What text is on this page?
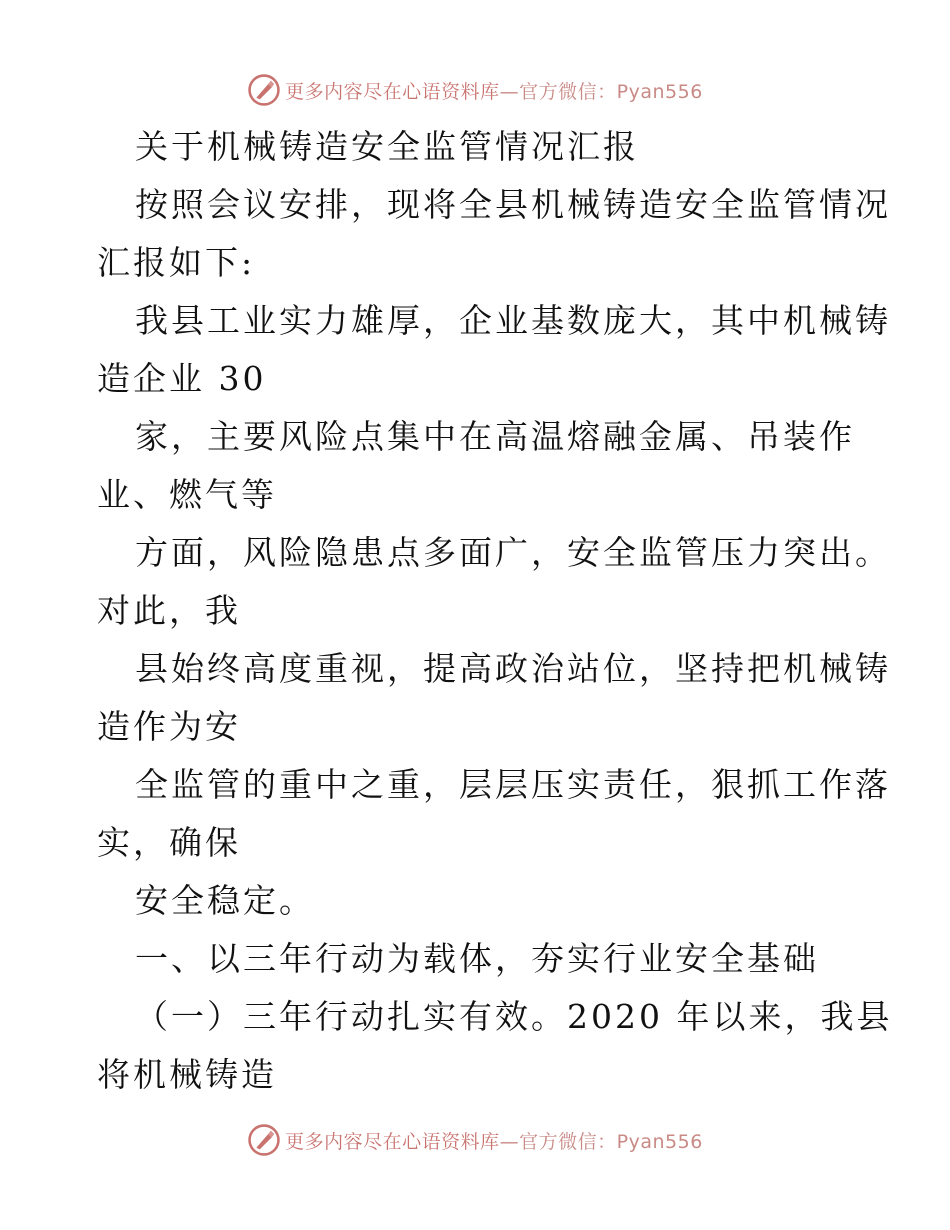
更多内容尽在心语资料库—官方微信：Pyan556
关于机械铸造安全监管情况汇报
按照会议安排，现将全县机械铸造安全监管情况
汇报如下:
我县工业实力雄厚，企业基数庞大，其中机械铸
造企业 30
家，主要风险点集中在高温熔融金属、吊装作
业、燃气等
方面，风险隐患点多面广，安全监管压力突出。
对此，我
县始终高度重视，提高政治站位，坚持把机械铸
造作为安
全监管的重中之重，层层压实责任，狠抓工作落
实，确保
安全稳定。
一、以三年行动为载体，夯实行业安全基础
（一）三年行动扎实有效。2020 年以来，我县
将机械铸造
更多内容尽在心语资料库—官方微信：Pyan556
